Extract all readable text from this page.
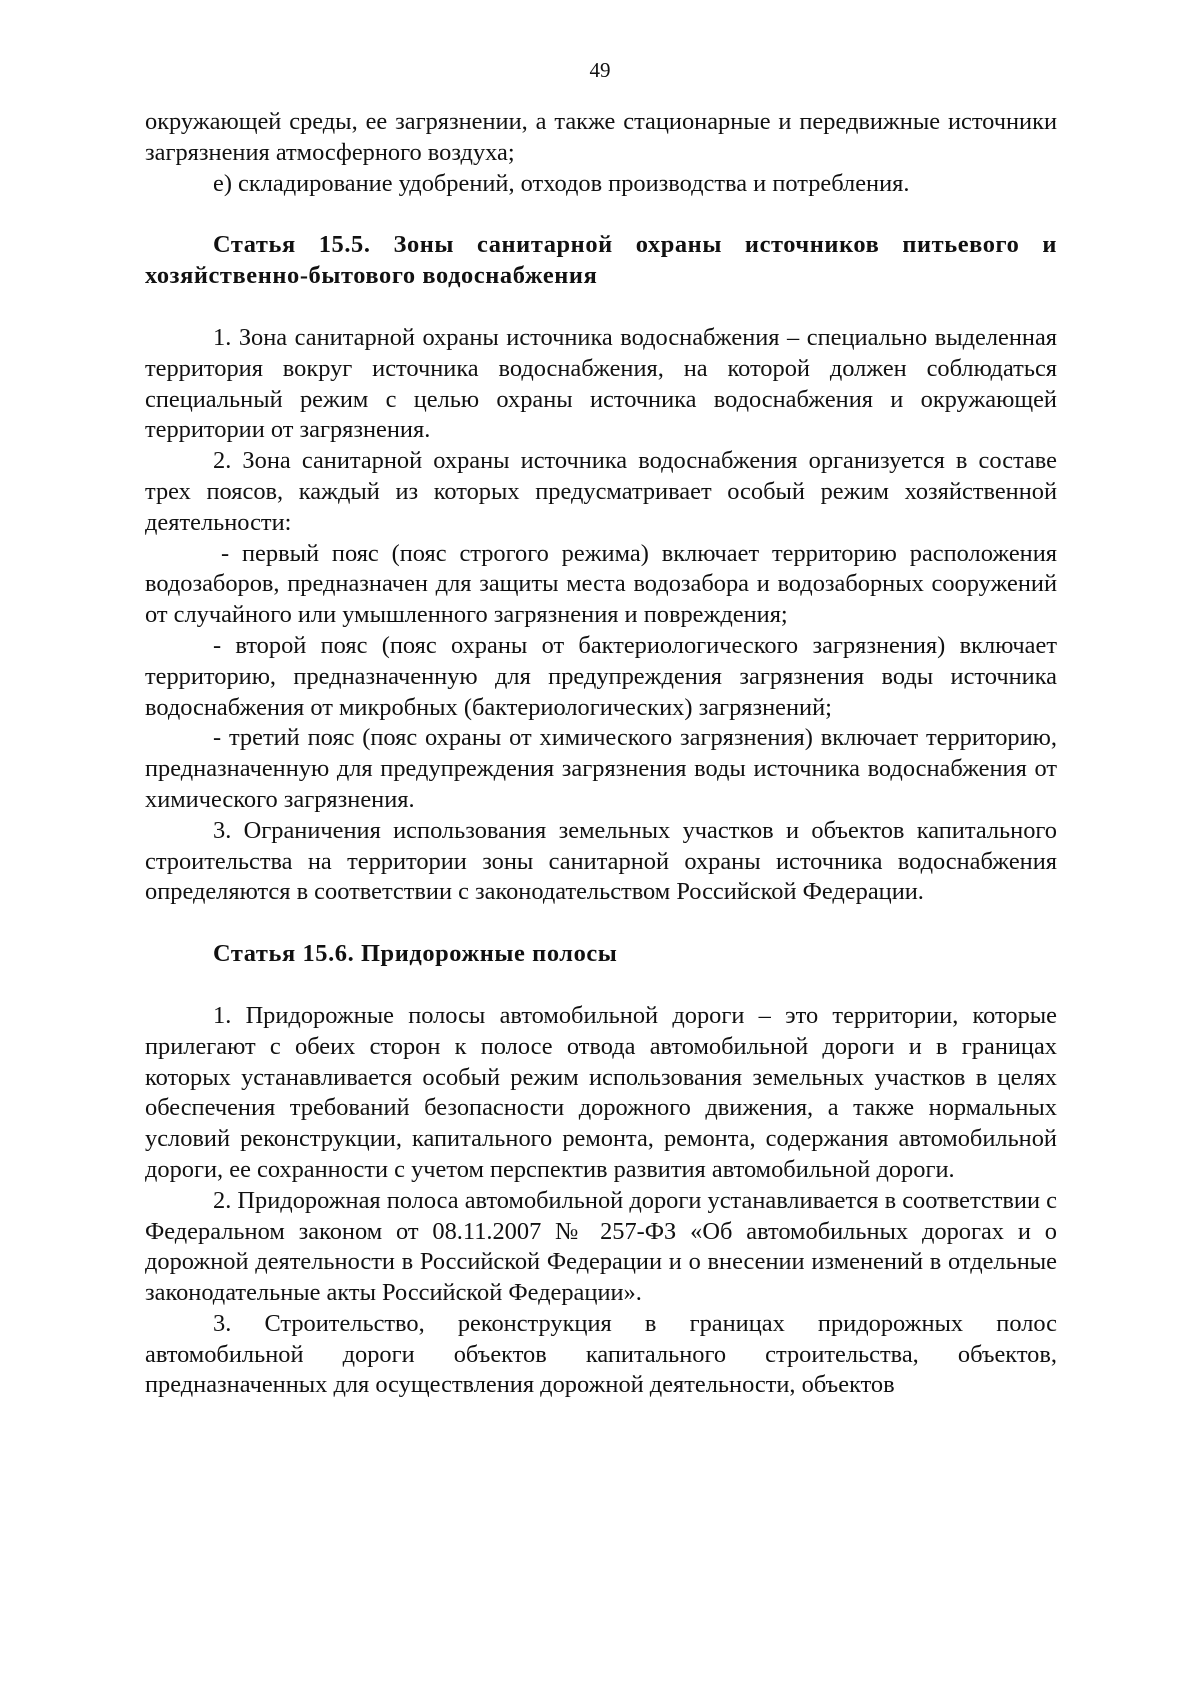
49

окружающей среды, ее загрязнении, а также стационарные и передвижные источники загрязнения атмосферного воздуха;

е) складирование удобрений, отходов производства и потребления.

Статья 15.5. Зоны санитарной охраны источников питьевого и хозяйственно-бытового водоснабжения

1. Зона санитарной охраны источника водоснабжения – специально выделенная территория вокруг источника водоснабжения, на которой должен соблюдаться специальный режим с целью охраны источника водоснабжения и окружающей территории от загрязнения.

2. Зона санитарной охраны источника водоснабжения организуется в составе трех поясов, каждый из которых предусматривает особый режим хозяйственной деятельности:

- первый пояс (пояс строгого режима) включает территорию расположения водозаборов, предназначен для защиты места водозабора и водозаборных сооружений от случайного или умышленного загрязнения и повреждения;

- второй пояс (пояс охраны от бактериологического загрязнения) включает территорию, предназначенную для предупреждения загрязнения воды источника водоснабжения от микробных (бактериологических) загрязнений;

- третий пояс (пояс охраны от химического загрязнения) включает территорию, предназначенную для предупреждения загрязнения воды источника водоснабжения от химического загрязнения.

3. Ограничения использования земельных участков и объектов капитального строительства на территории зоны санитарной охраны источника водоснабжения определяются в соответствии с законодательством Российской Федерации.

Статья 15.6. Придорожные полосы

1. Придорожные полосы автомобильной дороги – это территории, которые прилегают с обеих сторон к полосе отвода автомобильной дороги и в границах которых устанавливается особый режим использования земельных участков в целях обеспечения требований безопасности дорожного движения, а также нормальных условий реконструкции, капитального ремонта, ремонта, содержания автомобильной дороги, ее сохранности с учетом перспектив развития автомобильной дороги.

2. Придорожная полоса автомобильной дороги устанавливается в соответствии с Федеральном законом от 08.11.2007 № 257-ФЗ «Об автомобильных дорогах и о дорожной деятельности в Российской Федерации и о внесении изменений в отдельные законодательные акты Российской Федерации».

3. Строительство, реконструкция в границах придорожных полос автомобильной дороги объектов капитального строительства, объектов, предназначенных для осуществления дорожной деятельности, объектов
